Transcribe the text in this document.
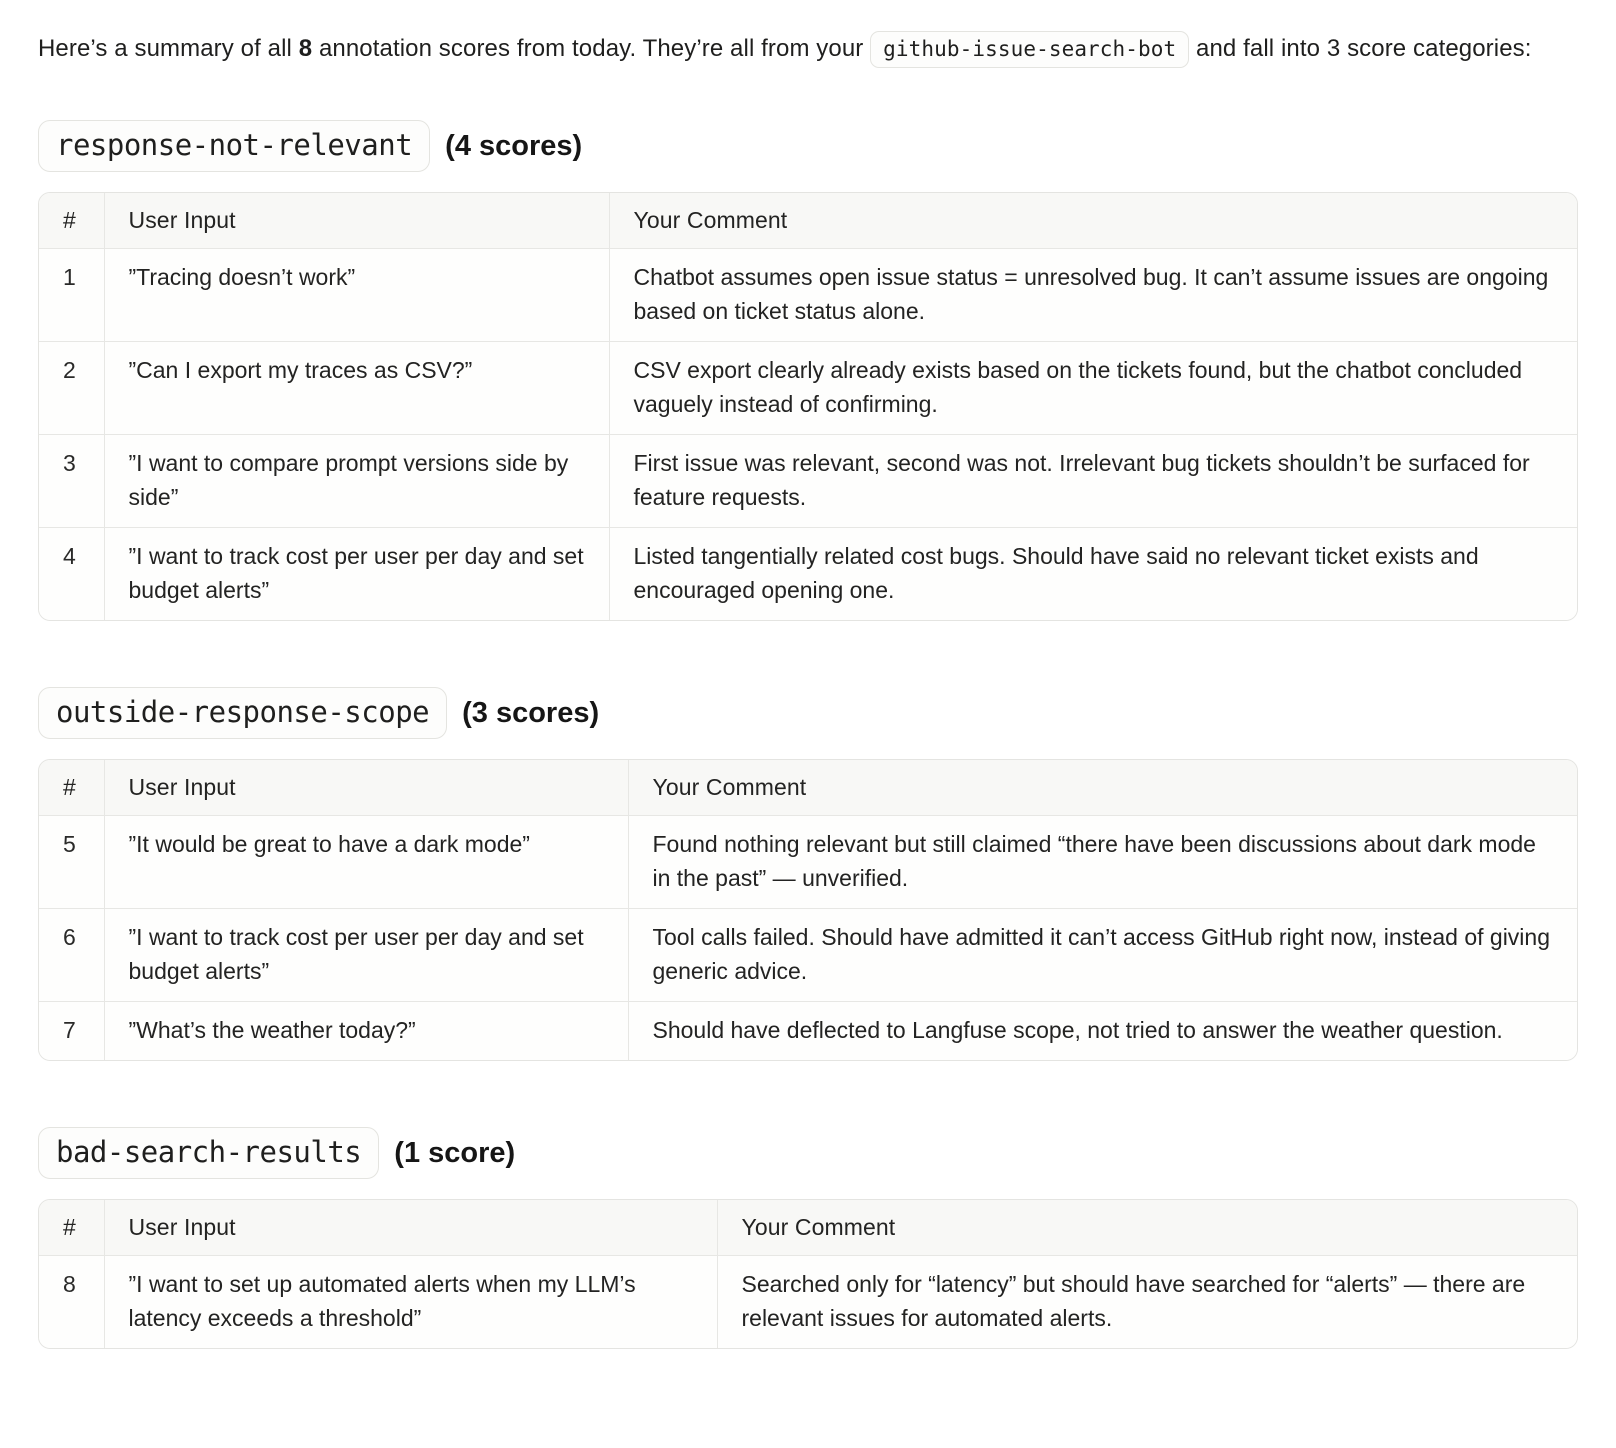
Here’s a summary of all 8 annotation scores from today. They’re all from your github-issue-search-bot and fall into 3 score categories:

response-not-relevant	(4 scores)
#	User Input	Your Comment
1	”Tracing doesn’t work”	Chatbot assumes open issue status = unresolved bug. It can’t assume issues are ongoing based on ticket status alone.
2	”Can I export my traces as CSV?”	CSV export clearly already exists based on the tickets found, but the chatbot concluded vaguely instead of confirming.
3	”I want to compare prompt versions side by side”	First issue was relevant, second was not. Irrelevant bug tickets shouldn’t be surfaced for feature requests.
4	”I want to track cost per user per day and set budget alerts”	Listed tangentially related cost bugs. Should have said no relevant ticket exists and encouraged opening one.
outside-response-scope	(3 scores)
#	User Input	Your Comment
5	”It would be great to have a dark mode”	Found nothing relevant but still claimed “there have been discussions about dark mode in the past” — unverified.
6	”I want to track cost per user per day and set budget alerts”	Tool calls failed. Should have admitted it can’t access GitHub right now, instead of giving generic advice.
7	”What’s the weather today?”	Should have deflected to Langfuse scope, not tried to answer the weather question.
bad-search-results	(1 score)
#	User Input	Your Comment
8	”I want to set up automated alerts when my LLM’s latency exceeds a threshold”	Searched only for “latency” but should have searched for “alerts” — there are relevant issues for automated alerts.
